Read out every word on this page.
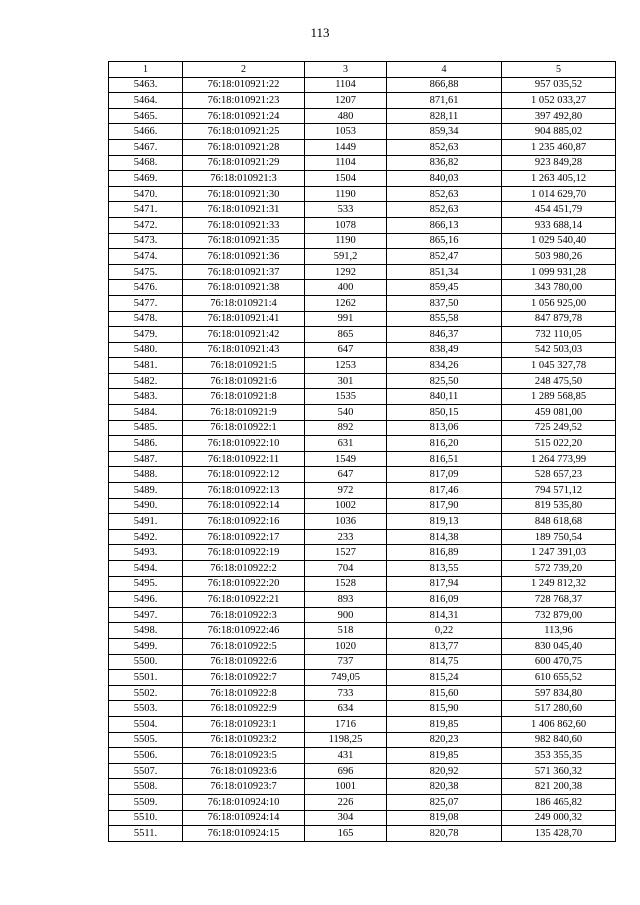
113
1	2	3	4	5
5463.	76:18:010921:22	1104	866,88	957 035,52
5464.	76:18:010921:23	1207	871,61	1 052 033,27
5465.	76:18:010921:24	480	828,11	397 492,80
5466.	76:18:010921:25	1053	859,34	904 885,02
5467.	76:18:010921:28	1449	852,63	1 235 460,87
5468.	76:18:010921:29	1104	836,82	923 849,28
5469.	76:18:010921:3	1504	840,03	1 263 405,12
5470.	76:18:010921:30	1190	852,63	1 014 629,70
5471.	76:18:010921:31	533	852,63	454 451,79
5472.	76:18:010921:33	1078	866,13	933 688,14
5473.	76:18:010921:35	1190	865,16	1 029 540,40
5474.	76:18:010921:36	591,2	852,47	503 980,26
5475.	76:18:010921:37	1292	851,34	1 099 931,28
5476.	76:18:010921:38	400	859,45	343 780,00
5477.	76:18:010921:4	1262	837,50	1 056 925,00
5478.	76:18:010921:41	991	855,58	847 879,78
5479.	76:18:010921:42	865	846,37	732 110,05
5480.	76:18:010921:43	647	838,49	542 503,03
5481.	76:18:010921:5	1253	834,26	1 045 327,78
5482.	76:18:010921:6	301	825,50	248 475,50
5483.	76:18:010921:8	1535	840,11	1 289 568,85
5484.	76:18:010921:9	540	850,15	459 081,00
5485.	76:18:010922:1	892	813,06	725 249,52
5486.	76:18:010922:10	631	816,20	515 022,20
5487.	76:18:010922:11	1549	816,51	1 264 773,99
5488.	76:18:010922:12	647	817,09	528 657,23
5489.	76:18:010922:13	972	817,46	794 571,12
5490.	76:18:010922:14	1002	817,90	819 535,80
5491.	76:18:010922:16	1036	819,13	848 618,68
5492.	76:18:010922:17	233	814,38	189 750,54
5493.	76:18:010922:19	1527	816,89	1 247 391,03
5494.	76:18:010922:2	704	813,55	572 739,20
5495.	76:18:010922:20	1528	817,94	1 249 812,32
5496.	76:18:010922:21	893	816,09	728 768,37
5497.	76:18:010922:3	900	814,31	732 879,00
5498.	76:18:010922:46	518	0,22	113,96
5499.	76:18:010922:5	1020	813,77	830 045,40
5500.	76:18:010922:6	737	814,75	600 470,75
5501.	76:18:010922:7	749,05	815,24	610 655,52
5502.	76:18:010922:8	733	815,60	597 834,80
5503.	76:18:010922:9	634	815,90	517 280,60
5504.	76:18:010923:1	1716	819,85	1 406 862,60
5505.	76:18:010923:2	1198,25	820,23	982 840,60
5506.	76:18:010923:5	431	819,85	353 355,35
5507.	76:18:010923:6	696	820,92	571 360,32
5508.	76:18:010923:7	1001	820,38	821 200,38
5509.	76:18:010924:10	226	825,07	186 465,82
5510.	76:18:010924:14	304	819,08	249 000,32
5511.	76:18:010924:15	165	820,78	135 428,70
